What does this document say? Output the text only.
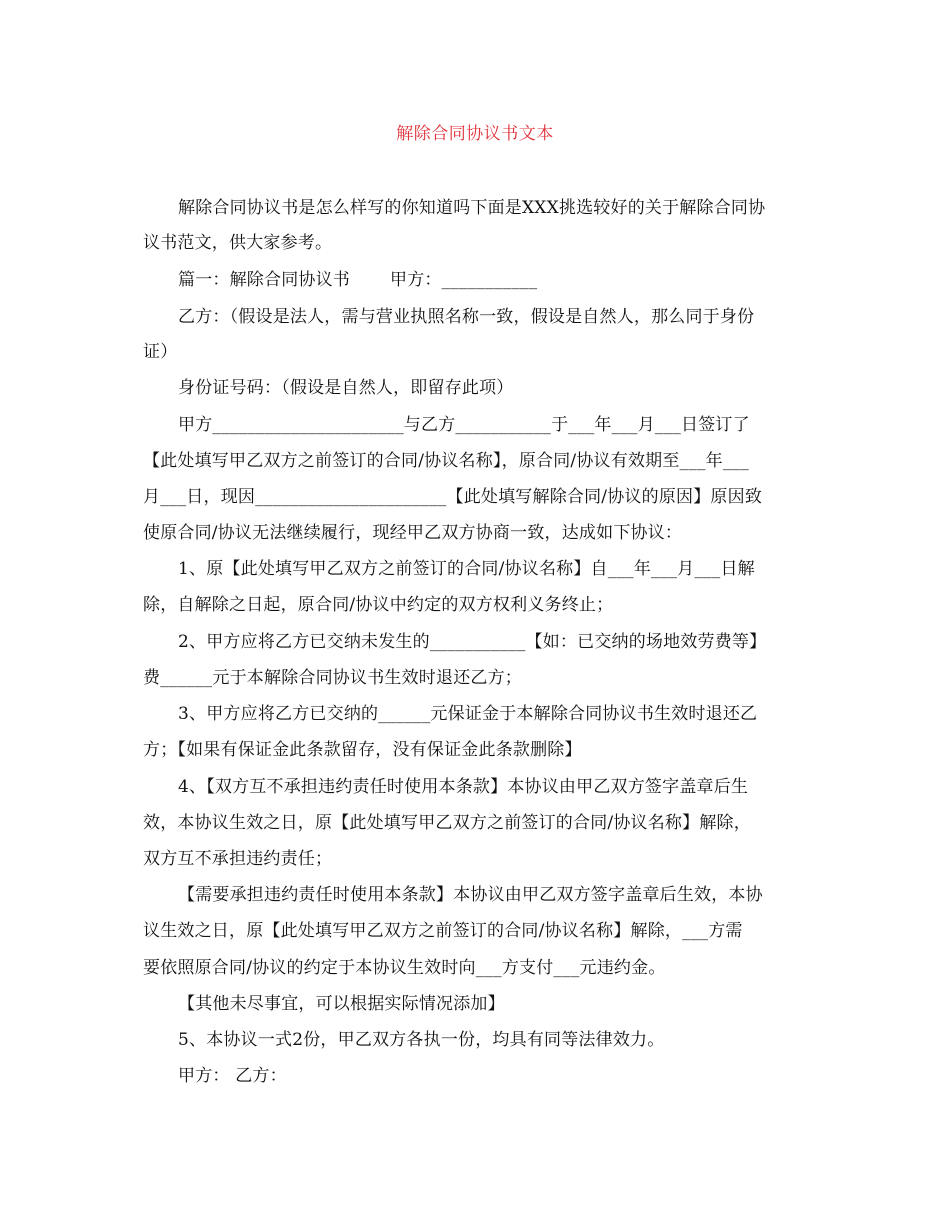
解除合同协议书文本
解除合同协议书是怎么样写的你知道吗下面是XXX挑选较好的关于解除合同协
议书范文，供大家参考。
篇一：解除合同协议书　　 甲方：___________
乙方：（假设是法人，需与营业执照名称一致，假设是自然人，那么同于身份
证）
身份证号码：（假设是自然人，即留存此项）
甲方______________________与乙方___________于___年___月___日签订了
【此处填写甲乙双方之前签订的合同/协议名称】，原合同/协议有效期至___年___
月___日，现因______________________【此处填写解除合同/协议的原因】原因致
使原合同/协议无法继续履行，现经甲乙双方协商一致，达成如下协议：
1、原【此处填写甲乙双方之前签订的合同/协议名称】自___年___月___日解
除，自解除之日起，原合同/协议中约定的双方权利义务终止；
2、甲方应将乙方已交纳未发生的___________【如：已交纳的场地效劳费等】
费______元于本解除合同协议书生效时退还乙方；
3、甲方应将乙方已交纳的______元保证金于本解除合同协议书生效时退还乙
方；【如果有保证金此条款留存，没有保证金此条款删除】
4、【双方互不承担违约责任时使用本条款】本协议由甲乙双方签字盖章后生
效，本协议生效之日，原【此处填写甲乙双方之前签订的合同/协议名称】解除，
双方互不承担违约责任；
【需要承担违约责任时使用本条款】本协议由甲乙双方签字盖章后生效，本协
议生效之日，原【此处填写甲乙双方之前签订的合同/协议名称】解除，___方需
要依照原合同/协议的约定于本协议生效时向___方支付___元违约金。
【其他未尽事宜，可以根据实际情况添加】
5、本协议一式2份，甲乙双方各执一份，均具有同等法律效力。
甲方： 乙方：
